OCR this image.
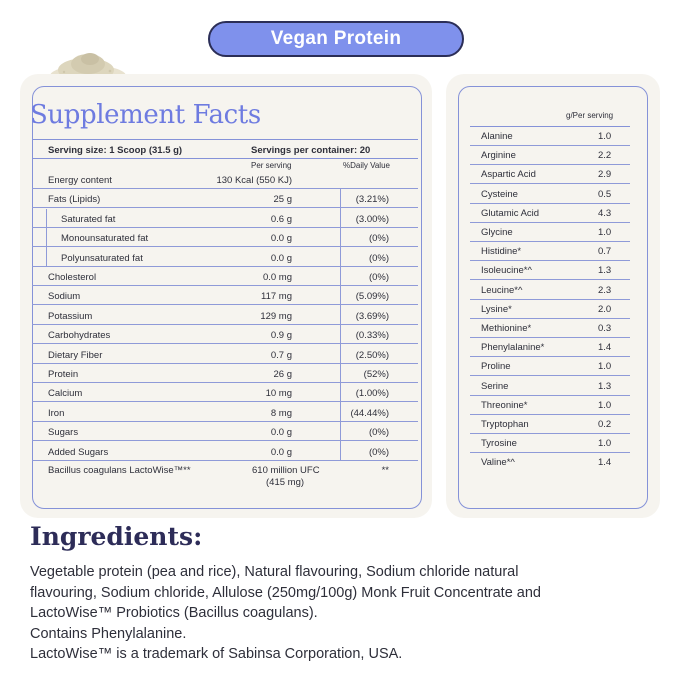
Vegan Protein
Supplement Facts
Serving size: 1 Scoop (31.5 g)	Servings per container: 20
Per serving	%Daily Value
Energy content	130 Kcal (550 KJ)
Fats (Lipids)	25 g	(3.21%)
Saturated fat	0.6 g	(3.00%)
Monounsaturated fat	0.0 g	(0%)
Polyunsaturated fat	0.0 g	(0%)
Cholesterol	0.0 mg	(0%)
Sodium	117 mg	(5.09%)
Potassium	129 mg	(3.69%)
Carbohydrates	0.9 g	(0.33%)
Dietary Fiber	0.7 g	(2.50%)
Protein	26 g	(52%)
Calcium	10 mg	(1.00%)
Iron	8 mg	(44.44%)
Sugars	0.0 g	(0%)
Added Sugars	0.0 g	(0%)
Bacillus coagulans LactoWise™**	610 million UFC
(415 mg)
**
g/Per serving
Alanine	1.0
Arginine	2.2
Aspartic Acid	2.9
Cysteine	0.5
Glutamic Acid	4.3
Glycine	1.0
Histidine*	0.7
Isoleucine*^	1.3
Leucine*^	2.3
Lysine*	2.0
Methionine*	0.3
Phenylalanine*	1.4
Proline	1.0
Serine	1.3
Threonine*	1.0
Tryptophan	0.2
Tyrosine	1.0
Valine*^	1.4
Ingredients:
Vegetable protein (pea and rice), Natural flavouring, Sodium chloride natural
flavouring, Sodium chloride, Allulose (250mg/100g) Monk Fruit Concentrate and
LactoWise™ Probiotics (Bacillus coagulans).
Contains Phenylalanine.
LactoWise™ is a trademark of Sabinsa Corporation, USA.
